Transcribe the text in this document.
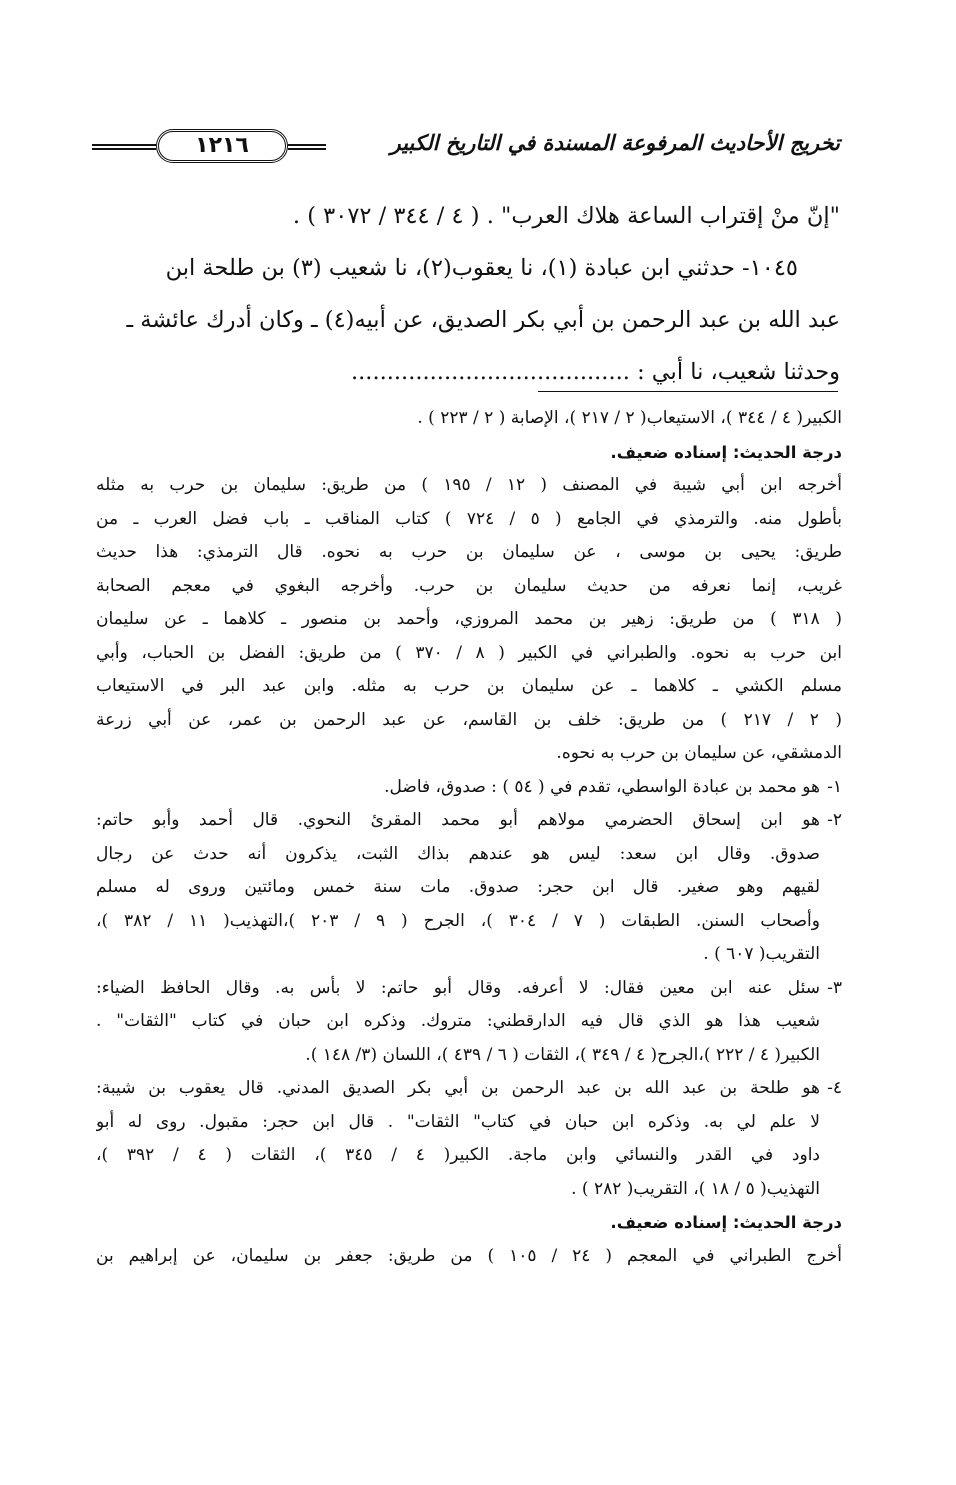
١٢١٦	تخريج الأحاديث المرفوعة المسندة في التاريخ الكبير

"إنّ منْ إقتراب الساعة هلاك العرب" . ( ٤ / ٣٤٤ / ٣٠٧٢ ) .

١٠٤٥- حدثني ابن عبادة (١)، نا يعقوب(٢)، نا شعيب (٣) بن طلحة ابن

عبد الله بن عبد الرحمن بن أبي بكر الصديق، عن أبيه(٤) ـ وكان أدرك عائشة ـ

وحدثنا شعيب، نا أبي : .......................................

الكبير( ٤ / ٣٤٤ )، الاستيعاب( ٢ / ٢١٧ )، الإصابة ( ٢ / ٢٢٣ ) .
درجة الحديث: إسناده ضعيف.
أخرجه ابن أبي شيبة في المصنف ( ١٢ / ١٩٥ ) من طريق: سليمان بن حرب به مثله
بأطول منه. والترمذي في الجامع ( ٥ / ٧٢٤ ) كتاب المناقب ـ باب فضل العرب ـ من
طريق: يحيى بن موسى ، عن سليمان بن حرب به نحوه. قال الترمذي: هذا حديث
غريب، إنما نعرفه من حديث سليمان بن حرب. وأخرجه البغوي في معجم الصحابة
( ٣١٨ ) من طريق: زهير بن محمد المروزي، وأحمد بن منصور ـ كلاهما ـ عن سليمان
ابن حرب به نحوه. والطبراني في الكبير ( ٨ / ٣٧٠ ) من طريق: الفضل بن الحباب، وأبي
مسلم الكشي ـ كلاهما ـ عن سليمان بن حرب به مثله. وابن عبد البر في الاستيعاب
( ٢ / ٢١٧ ) من طريق: خلف بن القاسم، عن عبد الرحمن بن عمر، عن أبي زرعة
الدمشقي، عن سليمان بن حرب به نحوه.
١-
هو محمد بن عبادة الواسطي، تقدم في ( ٥٤ ) : صدوق، فاضل.
٢-
هو ابن إسحاق الحضرمي مولاهم أبو محمد المقرئ النحوي. قال أحمد وأبو حاتم:
صدوق. وقال ابن سعد: ليس هو عندهم بذاك الثبت، يذكرون أنه حدث عن رجال
لقيهم وهو صغير. قال ابن حجر: صدوق. مات سنة خمس ومائتين وروى له مسلم
وأصحاب السنن. الطبقات ( ٧ / ٣٠٤ )، الجرح ( ٩ / ٢٠٣ )،التهذيب( ١١ / ٣٨٢ )،
التقريب( ٦٠٧ ) .
٣-
سئل عنه ابن معين فقال: لا أعرفه. وقال أبو حاتم: لا بأس به. وقال الحافظ الضياء:
شعيب هذا هو الذي قال فيه الدارقطني: متروك. وذكره ابن حبان في كتاب "الثقات" .
الكبير( ٤ / ٢٢٢ )،الجرح( ٤ / ٣٤٩ )، الثقات ( ٦ / ٤٣٩ )، اللسان (٣/ ١٤٨ ).
٤-
هو طلحة بن عبد الله بن عبد الرحمن بن أبي بكر الصديق المدني. قال يعقوب بن شيبة:
لا علم لي به. وذكره ابن حبان في كتاب" الثقات" . قال ابن حجر: مقبول. روى له أبو
داود في القدر والنسائي وابن ماجة. الكبير( ٤ / ٣٤٥ )، الثقات ( ٤ / ٣٩٢ )،
التهذيب( ٥ / ١٨ )، التقريب( ٢٨٢ ) .
درجة الحديث: إسناده ضعيف.
أخرج الطبراني في المعجم ( ٢٤ / ١٠٥ ) من طريق: جعفر بن سليمان، عن إبراهيم بن
